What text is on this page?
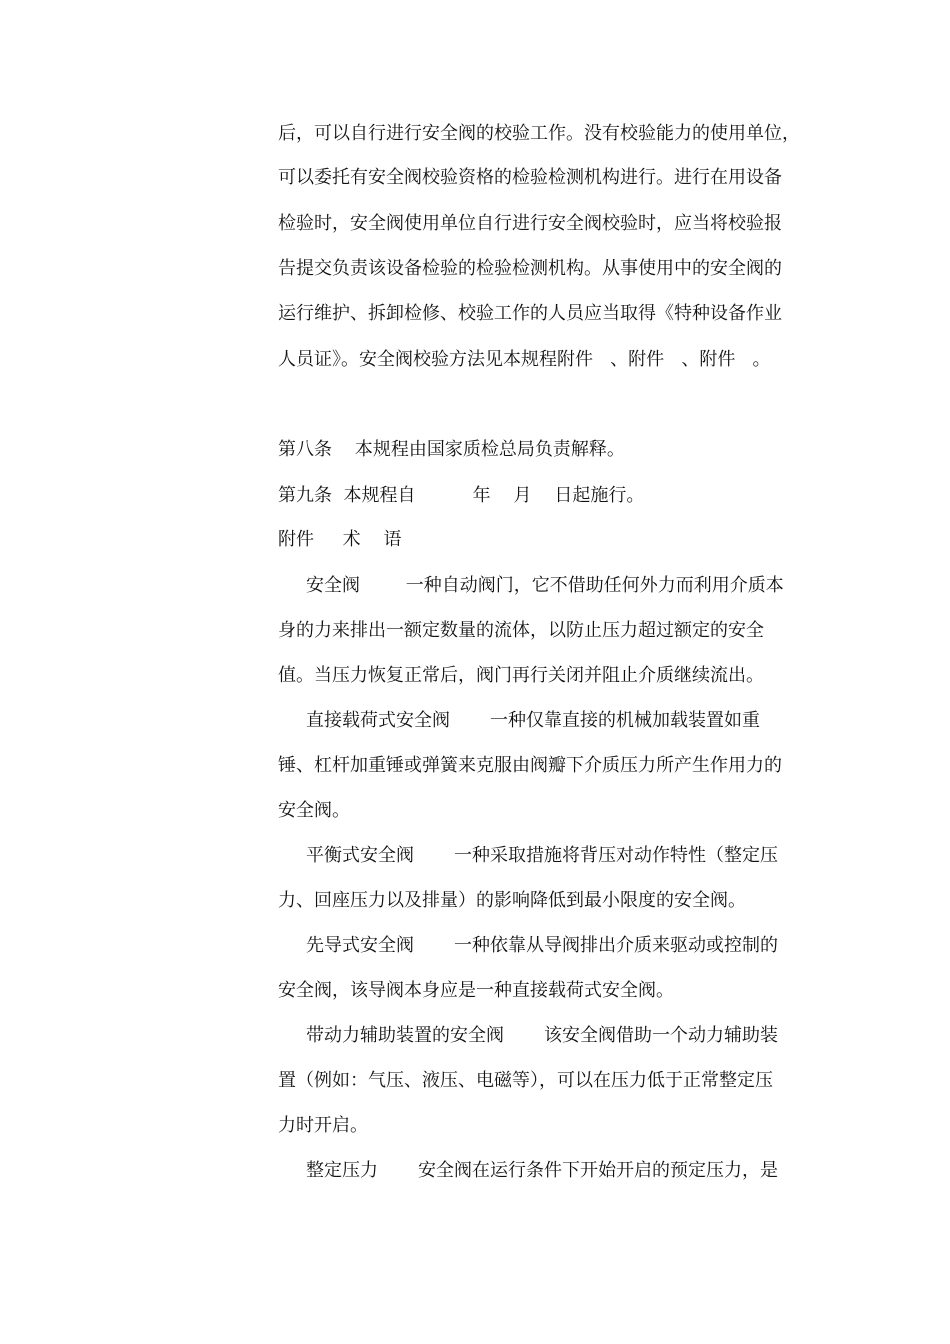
后，可以自行进行安全阀的校验工作。没有校验能力的使用单位，
可以委托有安全阀校验资格的检验检测机构进行。进行在用设备
检验时，安全阀使用单位自行进行安全阀校验时，应当将校验报
告提交负责该设备检验的检验检测机构。从事使用中的安全阀的
运行维护、拆卸检修、校验工作的人员应当取得《特种设备作业
人员证》。安全阀校验方法见本规程附件   、附件   、附件   。
第八条    本规程由国家质检总局负责解释。
第九条  本规程自          年    月    日起施行。
附件     术    语
安全阀        一种自动阀门，它不借助任何外力而利用介质本
身的力来排出一额定数量的流体，以防止压力超过额定的安全
值。当压力恢复正常后，阀门再行关闭并阻止介质继续流出。
直接载荷式安全阀       一种仅靠直接的机械加载装置如重
锤、杠杆加重锤或弹簧来克服由阀瓣下介质压力所产生作用力的
安全阀。
平衡式安全阀       一种采取措施将背压对动作特性（整定压
力、回座压力以及排量）的影响降低到最小限度的安全阀。
先导式安全阀       一种依靠从导阀排出介质来驱动或控制的
安全阀，该导阀本身应是一种直接载荷式安全阀。
带动力辅助装置的安全阀       该安全阀借助一个动力辅助装
置（例如：气压、液压、电磁等），可以在压力低于正常整定压
力时开启。
整定压力       安全阀在运行条件下开始开启的预定压力，是
